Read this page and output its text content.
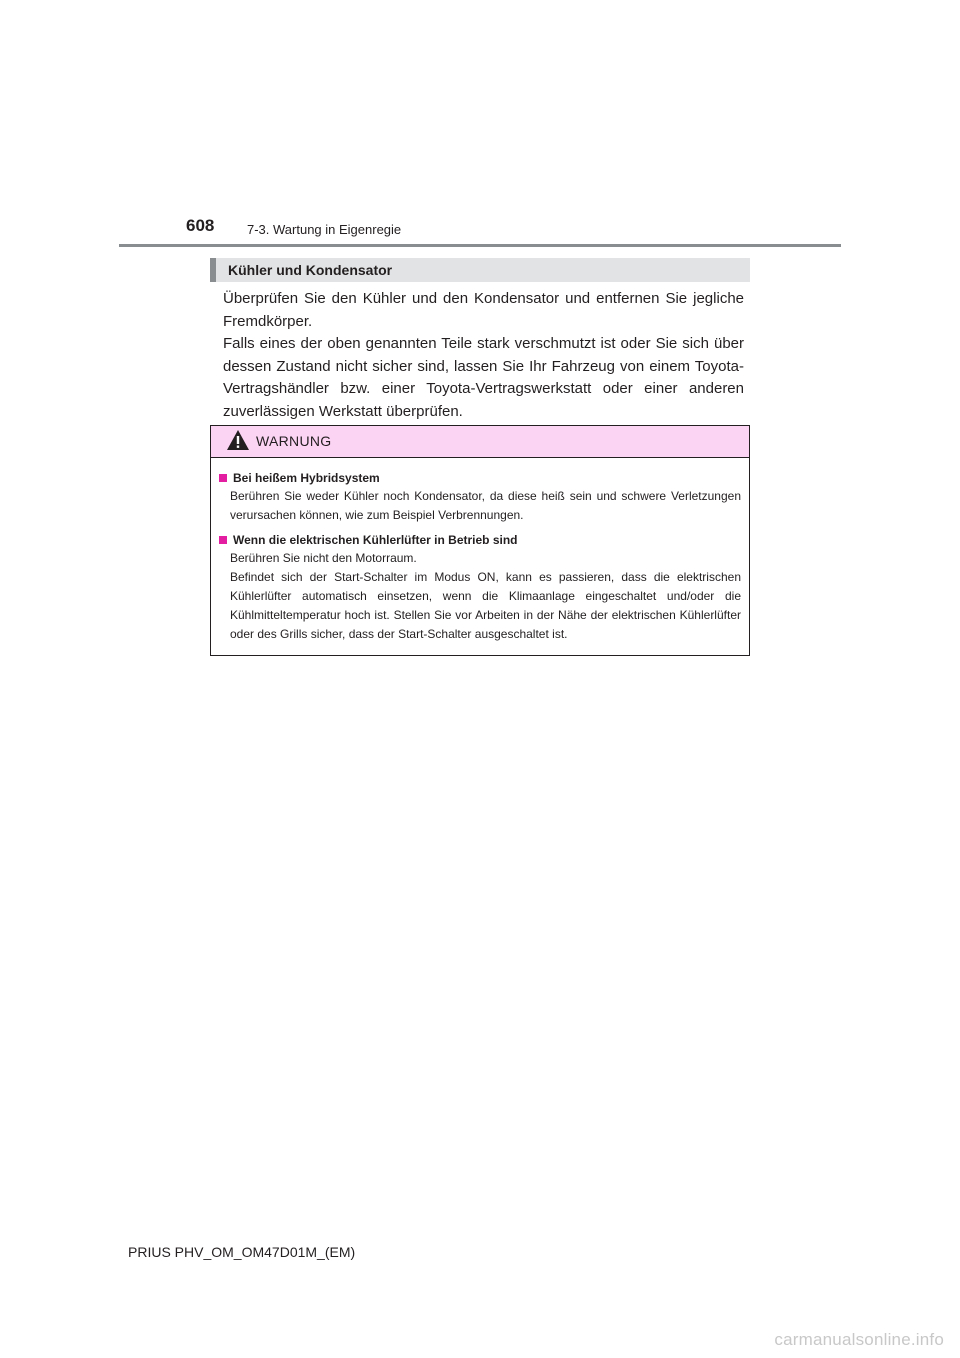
608	7-3. Wartung in Eigenregie
Kühler und Kondensator

Überprüfen Sie den Kühler und den Kondensator und entfernen Sie jegliche Fremdkörper.

Falls eines der oben genannten Teile stark verschmutzt ist oder Sie sich über dessen Zustand nicht sicher sind, lassen Sie Ihr Fahrzeug von einem Toyota-Vertragshändler bzw. einer Toyota-Vertragswerkstatt oder einer anderen zuverlässigen Werkstatt überprüfen.

WARNUNG
Bei heißem Hybridsystem

Berühren Sie weder Kühler noch Kondensator, da diese heiß sein und schwere Verletzungen verursachen können, wie zum Beispiel Verbrennungen.

Wenn die elektrischen Kühlerlüfter in Betrieb sind

Berühren Sie nicht den Motorraum.

Befindet sich der Start-Schalter im Modus ON, kann es passieren, dass die elektrischen Kühlerlüfter automatisch einsetzen, wenn die Klimaanlage eingeschaltet und/oder die Kühlmitteltemperatur hoch ist. Stellen Sie vor Arbeiten in der Nähe der elektrischen Kühlerlüfter oder des Grills sicher, dass der Start-Schalter ausgeschaltet ist.

PRIUS PHV_OM_OM47D01M_(EM)
carmanualsonline.info
